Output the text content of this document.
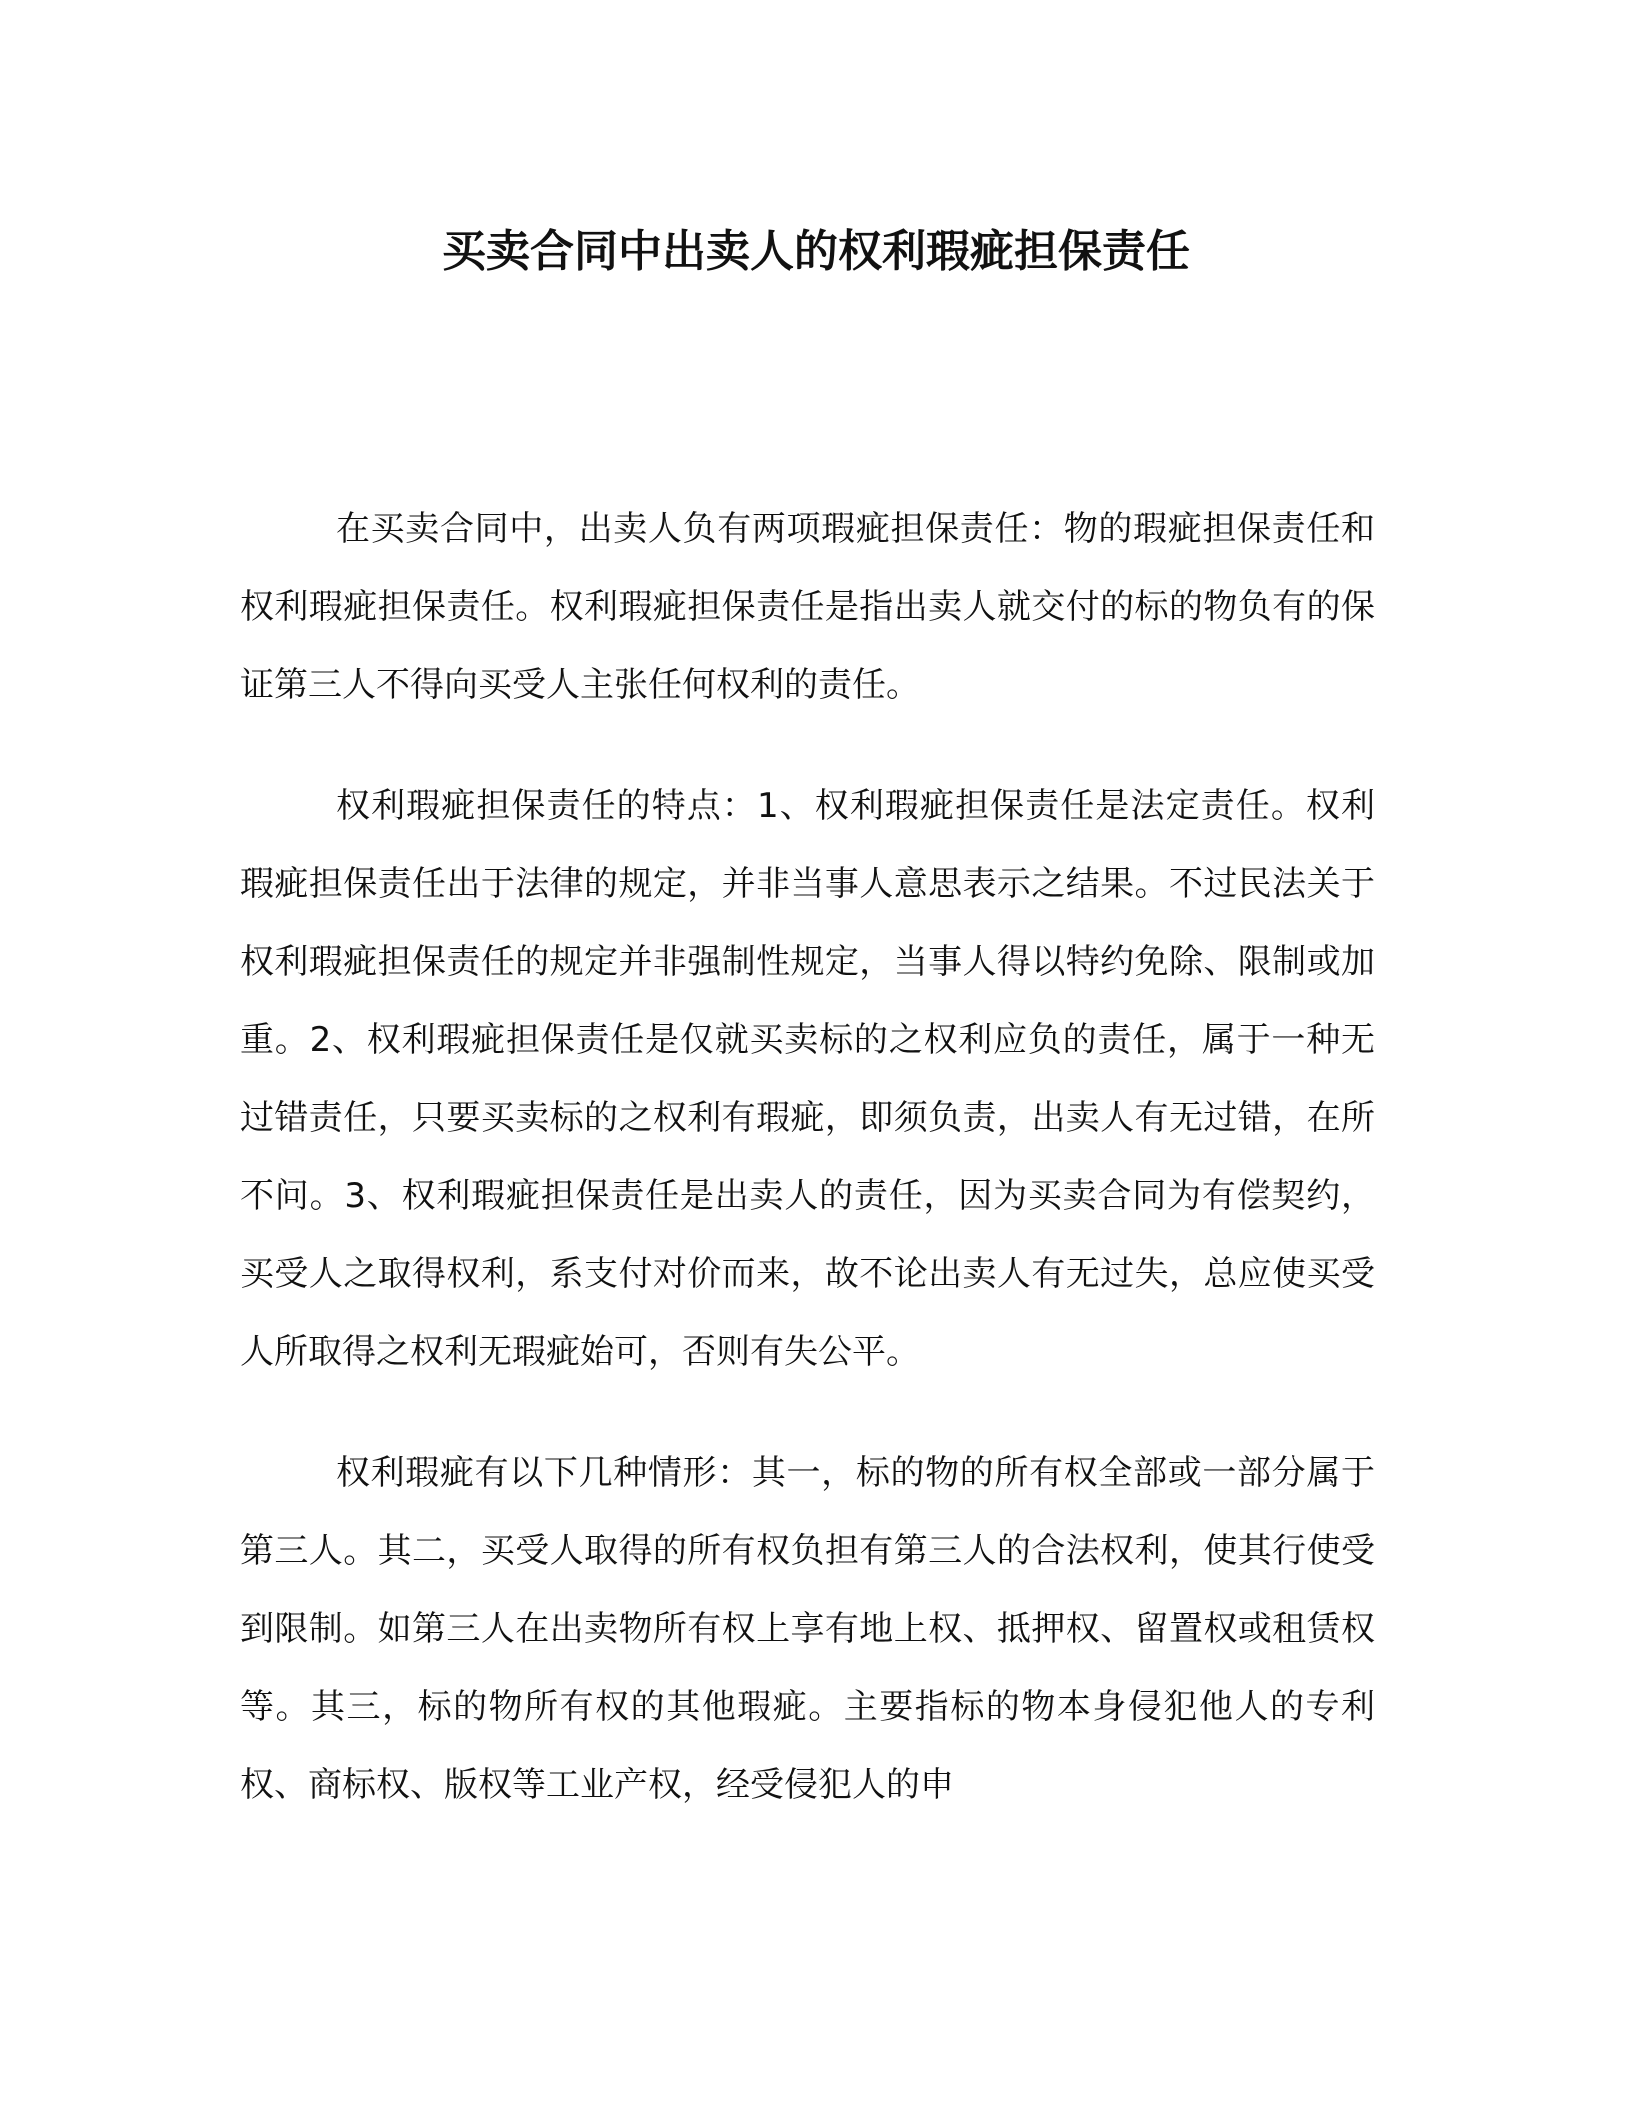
买卖合同中出卖人的权利瑕疵担保责任

在买卖合同中，出卖人负有两项瑕疵担保责任：物的瑕疵担保责任和权利瑕疵担保责任。权利瑕疵担保责任是指出卖人就交付的标的物负有的保证第三人不得向买受人主张任何权利的责任。

权利瑕疵担保责任的特点：1、权利瑕疵担保责任是法定责任。权利瑕疵担保责任出于法律的规定，并非当事人意思表示之结果。不过民法关于权利瑕疵担保责任的规定并非强制性规定，当事人得以特约免除、限制或加重。2、权利瑕疵担保责任是仅就买卖标的之权利应负的责任，属于一种无过错责任，只要买卖标的之权利有瑕疵，即须负责，出卖人有无过错，在所不问。3、权利瑕疵担保责任是出卖人的责任，因为买卖合同为有偿契约，买受人之取得权利，系支付对价而来，故不论出卖人有无过失，总应使买受人所取得之权利无瑕疵始可，否则有失公平。

权利瑕疵有以下几种情形：其一，标的物的所有权全部或一部分属于第三人。其二，买受人取得的所有权负担有第三人的合法权利，使其行使受到限制。如第三人在出卖物所有权上享有地上权、抵押权、留置权或租赁权等。其三，标的物所有权的其他瑕疵。主要指标的物本身侵犯他人的专利权、商标权、版权等工业产权，经受侵犯人的申
